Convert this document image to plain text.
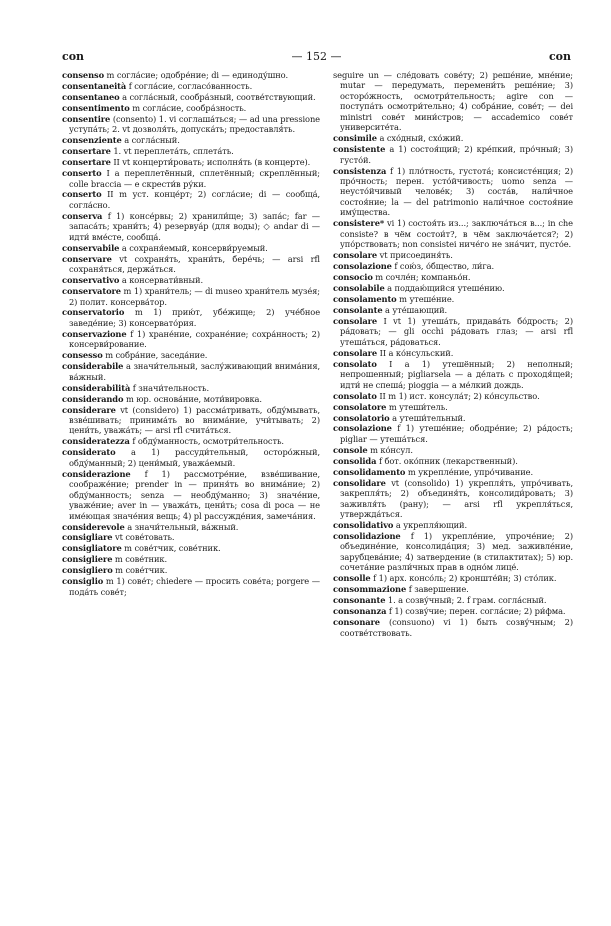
con	— 152 —	con
consenso m согла́сие; одобре́ние; di — единоду́шно.
consentaneità f согла́сие, согласо́ванность.
consentaneo a согла́сный, сообра́зный, соотве́тствующий.
consentimento m согла́сие, сообра́зность.
consentire (consento) 1. vi соглаша́ться; — ad una pressione уступа́ть; 2. vt дозволя́ть, допуска́ть; предоставля́ть.
consenziente a согла́сный.
consertare 1. vt переплета́ть, сплета́ть.
consertare II vt концерти́ровать; исполня́ть (в концерте).
conserto I a переплетённый, сплетённый; скреплённый; colle braccia — e скрести́в ру́ки.
conserto II m уст. конце́рт; 2) согла́сие; di — сообща́, согла́сно.
conserva f 1) консе́рвы; 2) хранили́ще; 3) запа́с; far — запаса́ть; храни́ть; 4) резервуа́р (для воды); ◇ andar di — идти́ вме́сте, сообща́.
conservabile a сохраня́емый, консерви́руемый.
conservare vt сохраня́ть, храни́ть, бере́чь; — arsi rfl сохраня́ться, держа́ться.
conservativo a консервати́вный.
conservatore m 1) храни́тель; — di museo храни́тель музе́я; 2) полит. консерва́тор.
conservatorio m 1) прию́т, убе́жище; 2) уче́бное заведе́ние; 3) консервато́рия.
conservazione f 1) хране́ние, сохране́ние; сохра́нность; 2) консерви́рование.
consesso m собра́ние, заседа́ние.
considerabile a значи́тельный, заслу́живающий внима́ния, ва́жный.
considerabilità f значи́тельность.
considerando m юр. основа́ние, моти́вировка.
considerare vt (considero) 1) рассма́тривать, обду́мывать, взве́шивать; принима́ть во внима́ние, учи́тывать; 2) цени́ть, уважа́ть; — arsi rfl счита́ться.
consideratezza f обду́манность, осмотри́тельность.
considerato a 1) рассуди́тельный, осторо́жный, обду́манный; 2) цени́мый, уважа́емый.
considerazione f 1) рассмотре́ние, взве́шивание, соображе́ние; prender in — приня́ть во внима́ние; 2) обду́манность; senza — необду́манно; 3) значе́ние, уваже́ние; aver in — уважа́ть, цени́ть; cosa di poca — не име́ющая значе́ния вещь; 4) pl рассужде́ния, замеча́ния.
considerevole a значи́тельный, ва́жный.
consigliare vt сове́товать.
consigliatore m сове́тчик, сове́тник.
consigliere m сове́тник.
consigliero m сове́тчик.
consiglio m 1) сове́т; chiedere — просить сове́та; porgere — пода́ть сове́т;
seguire un — сле́довать сове́ту; 2) реше́ние, мне́ние; mutar — передумать, перемени́ть реше́ние; 3) осторо́жность, осмотри́тельность; agire con — поступа́ть осмотри́тельно; 4) собра́ние, сове́т; — dei ministri сове́т мини́стров; — accademico сове́т университе́та.
consimile a схо́дный, схо́жий.
consistente a 1) состоя́щий; 2) кре́пкий, про́чный; 3) густо́й.
consistenza f 1) пло́тность, густота́; консисте́нция; 2) про́чность; перен. усто́йчивость; uomo senza — неусто́йчивый челове́к; 3) соста́в, нали́чное состоя́ние; la — del patrimonio нали́чное состоя́ние иму́щества.
consistere* vi 1) состоя́ть из...; заключа́ться в...; in che consiste? в чём состои́т?, в чём заключа́ется?; 2) упо́рствовать; non consistei ниче́го не зна́чит, пусто́е.
consolare vt присоединя́ть.
consolazione f сою́з, о́бщество, ли́га.
consocio m сочле́н; компаньо́н.
consolabile a поддаю́щийся утеше́нию.
consolamento m утеше́ние.
consolante a уте́шающий.
consolare I vt 1) утеша́ть, придава́ть бо́дрость; 2) ра́довать; — gli occhi ра́довать глаз; — arsi rfl утеша́ться, ра́доваться.
consolare II a ко́нсульский.
consolato I a 1) утешённый; 2) неполный; непрошенный; pigliarsela — a де́лать с проходя́щей; идти́ не спеша́; pioggia — a ме́лкий дождь.
consolato II m 1) ист. консула́т; 2) ко́нсульство.
consolatore m утеши́тель.
consolatorio a утеши́тельный.
consolazione f 1) утеше́ние; ободре́ние; 2) ра́дость; pigliar — утеша́ться.
console m ко́нсул.
consolida f бот. око́пник (лекарственный).
consolidamento m укрепле́ние, упро́чивание.
consolidare vt (consolido) 1) укрепля́ть, упро́чивать, закрепля́ть; 2) объединя́ть, консолиди́ровать; 3) заживля́ть (рану); — arsi rfl укрепля́ться, утвержда́ться.
consolidativo a укрепля́ющий.
consolidazione f 1) укрепле́ние, упроче́ние; 2) объедине́ние, консолида́ция; 3) мед. заживле́ние, зарубцева́ние; 4) затвердение (в стилактитах); 5) юр. сочета́ние разли́чных прав в одно́м лице́.
consolle f 1) арх. консо́ль; 2) кронште́йн; 3) сто́лик.
consommazione f завершение.
consonante 1. a созву́чный; 2. f грам. согла́сный.
consonanza f 1) созву́чие; перен. согла́сие; 2) ри́фма.
consonare (consuono) vi 1) быть созву́чным; 2) соотве́тствовать.
